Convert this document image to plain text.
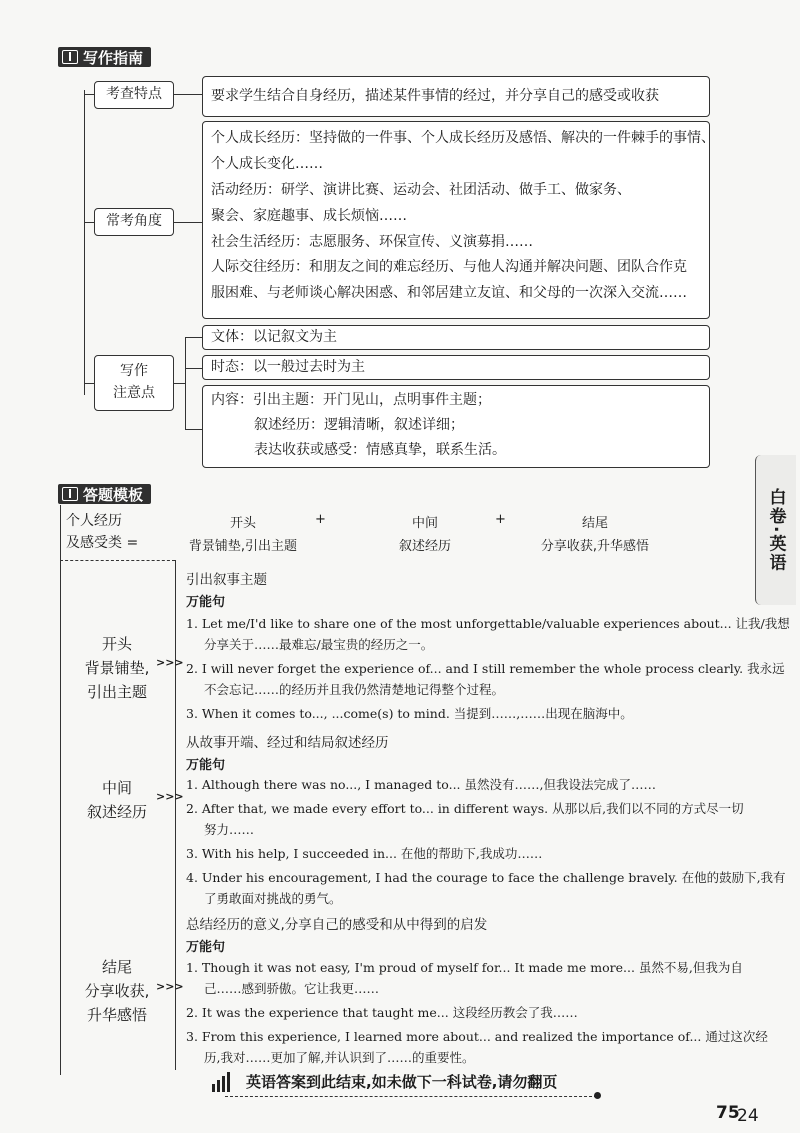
写作指南
考查特点	要求学生结合自身经历，描述某件事情的经过，并分享自己的感受或收获
常考角度
个人成长经历：坚持做的一件事、个人成长经历及感悟、解决的一件棘手的事情、
个人成长变化……
活动经历：研学、演讲比赛、运动会、社团活动、做手工、做家务、
聚会、家庭趣事、成长烦恼……
社会生活经历：志愿服务、环保宣传、义演募捐……
人际交往经历：和朋友之间的难忘经历、与他人沟通并解决问题、团队合作克
服困难、与老师谈心解决困惑、和邻居建立友谊、和父母的一次深入交流……
写作
注意点
文体：以记叙文为主
时态：以一般过去时为主
内容：引出主题：开门见山，点明事件主题；
叙述经历：逻辑清晰，叙述详细；
表达收获或感受：情感真挚，联系生活。
答题模板
个人经历
及感受类 =
开头
背景铺垫,引出主题
+	中间
叙述经历
+	结尾
分享收获,升华感悟
开头
背景铺垫,
引出主题
>>>
引出叙事主题
万能句
1. Let me/I'd like to share one of the most unforgettable/valuable experiences about... 让我/我想
分享关于……最难忘/最宝贵的经历之一。
2. I will never forget the experience of... and I still remember the whole process clearly. 我永远
不会忘记……的经历并且我仍然清楚地记得整个过程。
3. When it comes to..., ...come(s) to mind. 当提到……,……出现在脑海中。
中间
叙述经历
>>>
从故事开端、经过和结局叙述经历
万能句
1. Although there was no..., I managed to... 虽然没有……,但我设法完成了……
2. After that, we made every effort to... in different ways. 从那以后,我们以不同的方式尽一切
努力……
3. With his help, I succeeded in... 在他的帮助下,我成功……
4. Under his encouragement, I had the courage to face the challenge bravely. 在他的鼓励下,我有
了勇敢面对挑战的勇气。
结尾
分享收获,
升华感悟
>>>
总结经历的意义,分享自己的感受和从中得到的启发
万能句
1. Though it was not easy, I'm proud of myself for... It made me more... 虽然不易,但我为自
己……感到骄傲。它让我更……
2. It was the experience that taught me... 这段经历教会了我……
3. From this experience, I learned more about... and realized the importance of... 通过这次经
历,我对……更加了解,并认识到了……的重要性。
英语答案到此结束,如未做下一科试卷,请勿翻页
75
24
白卷·英语
